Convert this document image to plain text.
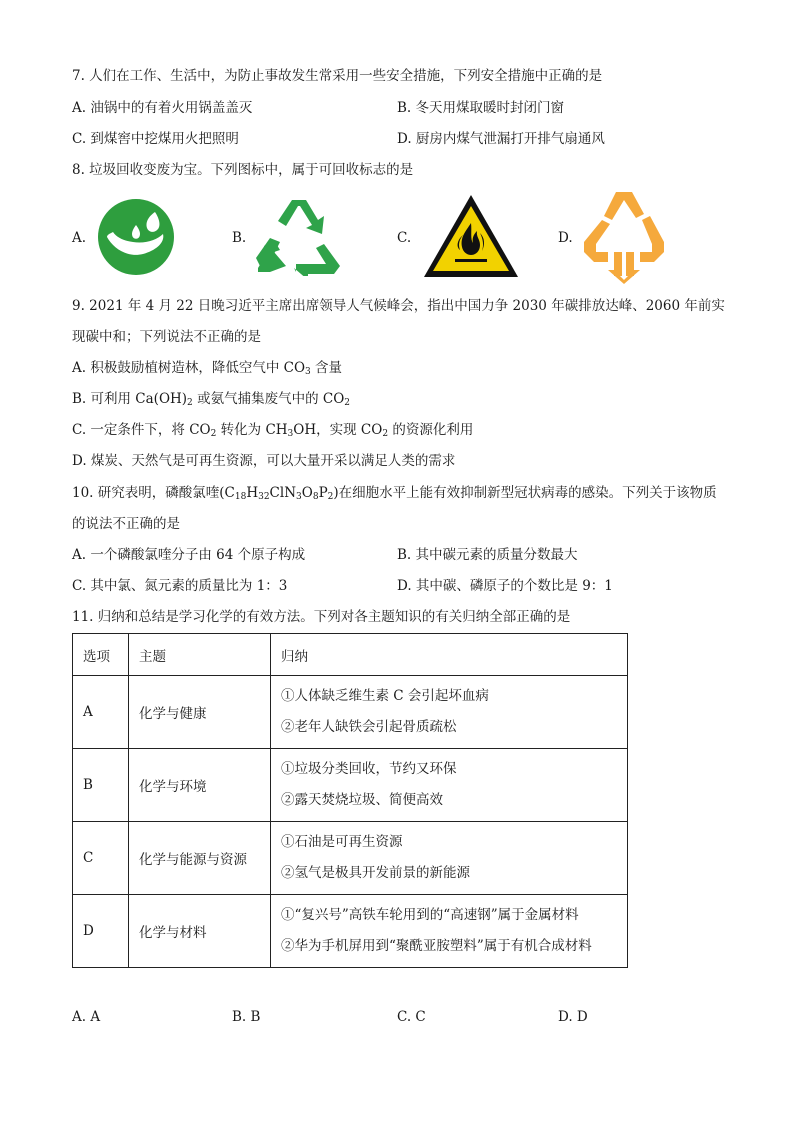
7. 人们在工作、生活中，为防止事故发生常采用一些安全措施，下列安全措施中正确的是
A. 油锅中的有着火用锅盖盖灭	B. 冬天用煤取暖时封闭门窗
C. 到煤窖中挖煤用火把照明	D. 厨房内煤气泄漏打开排气扇通风
8. 垃圾回收变废为宝。下列图标中，属于可回收标志的是
A.	B.	C.	D.
9. 2021 年 4 月 22 日晚习近平主席出席领导人气候峰会，指出中国力争 2030 年碳排放达峰、2060 年前实
现碳中和；下列说法不正确的是
A. 积极鼓励植树造林，降低空气中 $CO_3$ 含量
B. 可利用 $Ca(OH)_2$ 或氨气捕集废气中的 $CO_2$
C. 一定条件下，将 $CO_2$ 转化为 $CH_3OH$，实现 $CO_2$ 的资源化利用
D. 煤炭、天然气是可再生资源，可以大量开采以满足人类的需求
10. 研究表明，磷酸氯喹$(C_{18}H_{32}ClN_3O_8P_2)$在细胞水平上能有效抑制新型冠状病毒的感染。下列关于该物质
的说法不正确的是
A. 一个磷酸氯喹分子由 64 个原子构成	B. 其中碳元素的质量分数最大
C. 其中氯、氮元素的质量比为 1：3	D. 其中碳、磷原子的个数比是 9：1
11. 归纳和总结是学习化学的有效方法。下列对各主题知识的有关归纳全部正确的是
选项	主题	归纳
A	化学与健康	①人体缺乏维生素 C 会引起坏血病
②老年人缺铁会引起骨质疏松

B	化学与环境	①垃圾分类回收，节约又环保
②露天焚烧垃圾、简便高效

C	化学与能源与资源	①石油是可再生资源
②氢气是极具开发前景的新能源

D	化学与材料	①“复兴号”高铁车轮用到的“高速钢”属于金属材料
②华为手机屏用到“聚酰亚胺塑料”属于有机合成材料
A. A	B. B	C. C	D. D
